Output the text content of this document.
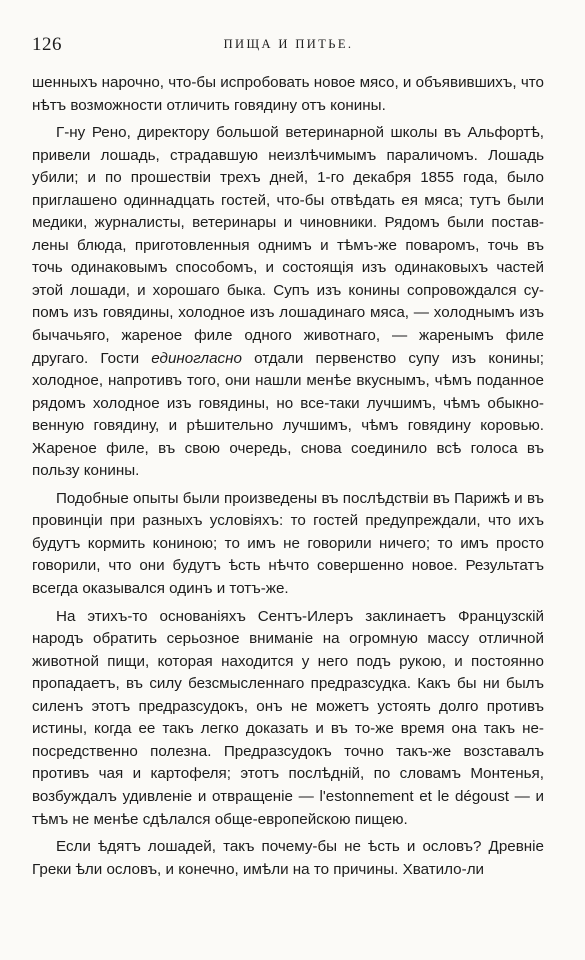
126	ПИЩА И ПИТЬЕ.

шенныхъ нарочно, что-бы испробовать новое мясо, и объявившихъ, что нѣтъ возможности отличить говядину отъ конины.

Г-ну Рено, директору большой ветеринарной школы въ Альфортѣ, привели лошадь, страдавшую неизлѣчимымъ параличомъ. Лошадь убили; и по прошествіи трехъ дней, 1-го декабря 1855 года, было приглашено одиннадцать гостей, что-бы отвѣдать ея мяса; тутъ были медики, журналисты, ветеринары и чиновники. Рядомъ были постав- лены блюда, приготовленныя однимъ и тѣмъ-же поваромъ, точь въ точь одинаковымъ способомъ, и состоящія изъ одинаковыхъ частей этой лошади, и хорошаго быка. Супъ изъ конины сопровождался су- помъ изъ говядины, холодное изъ лошадинаго мяса, — холоднымъ изъ бычачьяго, жареное филе одного животнаго, — жаренымъ филе другаго. Гости единогласно отдали первенство супу изъ конины; холодное, напротивъ того, они нашли менѣе вкуснымъ, чѣмъ поданное рядомъ холодное изъ говядины, но все-таки лучшимъ, чѣмъ обыкно- венную говядину, и рѣшительно лучшимъ, чѣмъ говядину коровью. Жареное филе, въ свою очередь, снова соединило всѣ голоса въ пользу конины.

Подобные опыты были произведены въ послѣдствіи въ Парижѣ и въ провинціи при разныхъ условіяхъ: то гостей предупреждали, что ихъ будутъ кормить кониною; то имъ не говорили ничего; то имъ просто говорили, что они будутъ ѣсть нѣчто совершенно новое. Результатъ всегда оказывался одинъ и тотъ-же.

На этихъ-то основаніяхъ Сентъ-Илеръ заклинаетъ Французскій народъ обратить серьозное вниманіе на огромную массу отличной животной пищи, которая находится у него подъ рукою, и постоянно пропадаетъ, въ силу безсмысленнаго предразсудка. Какъ бы ни былъ силенъ этотъ предразсудокъ, онъ не можетъ устоять долго противъ истины, когда ее такъ легко доказать и въ то-же время она такъ не- посредственно полезна. Предразсудокъ точно такъ-же возставалъ противъ чая и картофеля; этотъ послѣдній, по словамъ Монтенья, возбуждалъ удивленіе и отвращеніе — l'estonnement et le dégoust — и тѣмъ не менѣе сдѣлался обще-европейскою пищею.

Если ѣдятъ лошадей, такъ почему-бы не ѣсть и ословъ? Древніе Греки ѣли ословъ, и конечно, имѣли на то причины. Хватило-ли
